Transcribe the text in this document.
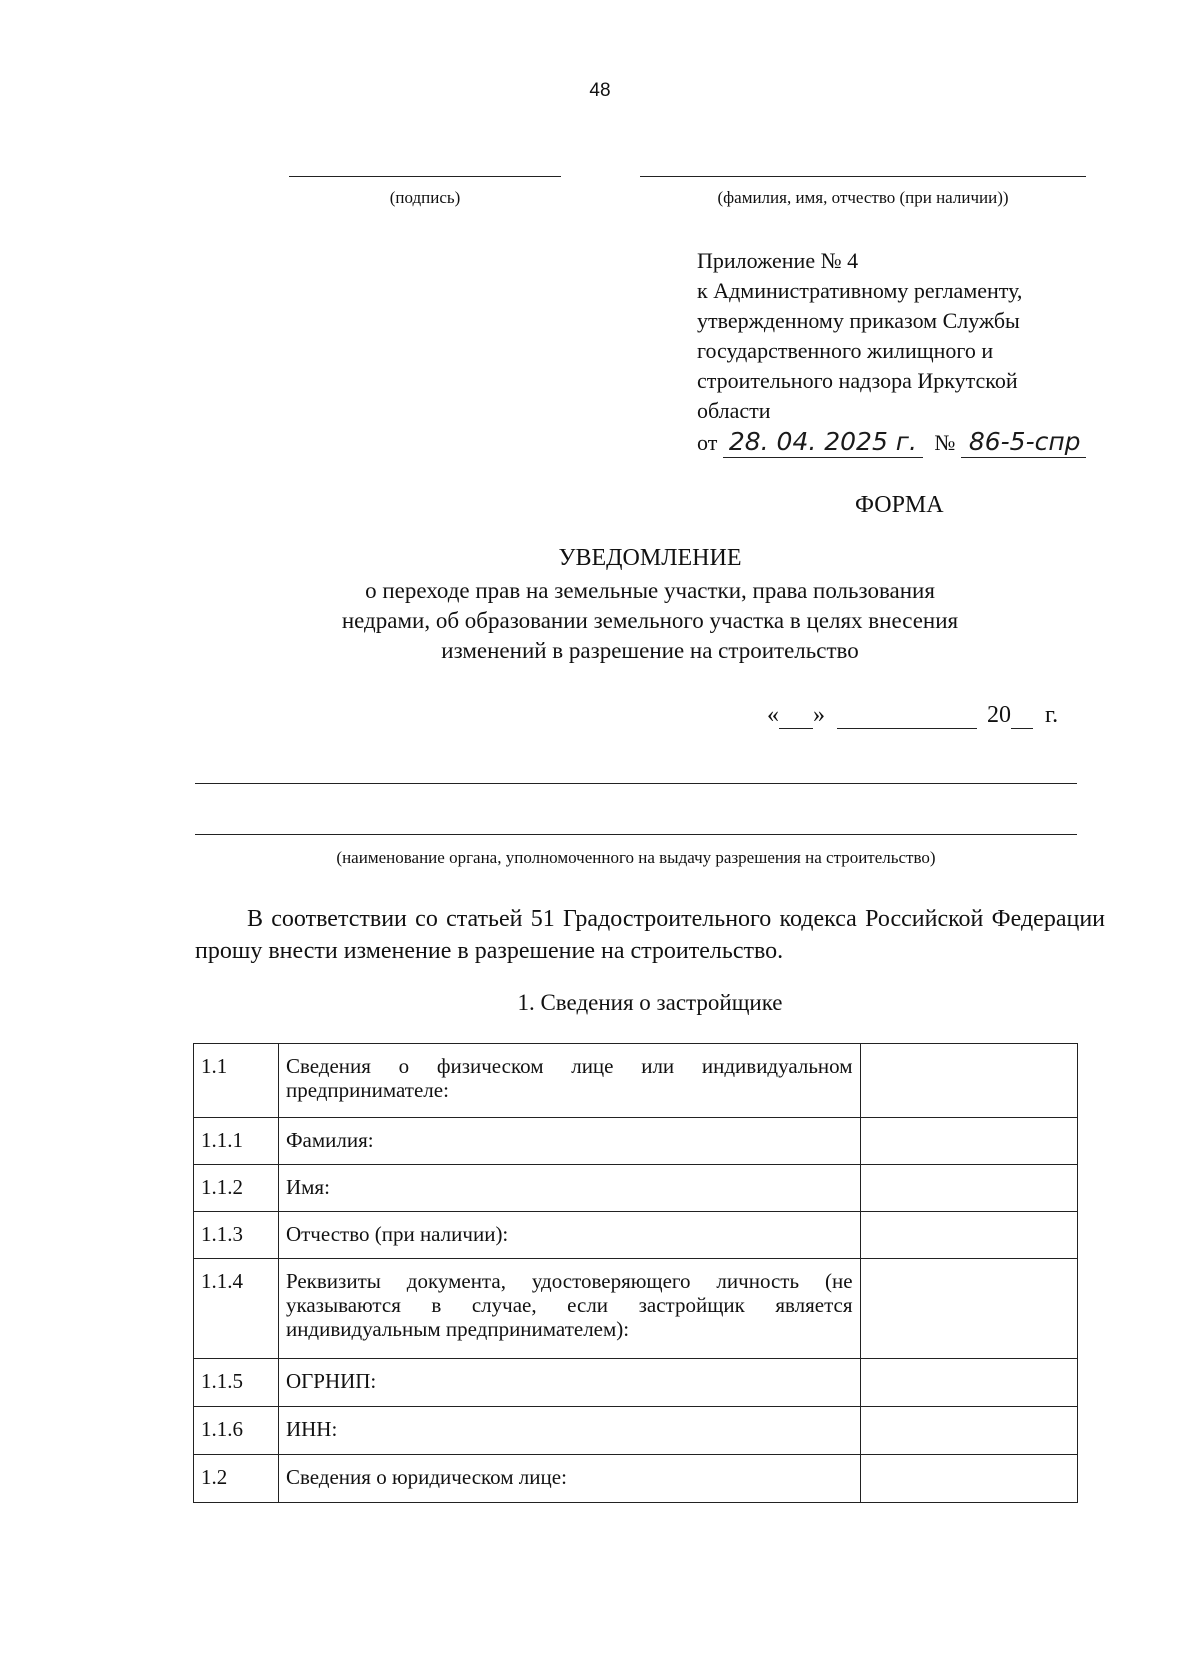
48
(подпись)	(фамилия, имя, отчество (при наличии))
Приложение № 4
к Административному регламенту,
утвержденному приказом Службы
государственного жилищного и
строительного надзора Иркутской
области
от 28. 04. 2025 г. № 86-5-спр
ФОРМА
УВЕДОМЛЕНИЕ
о переходе прав на земельные участки, права пользования
недрами, об образовании земельного участка в целях внесения
изменений в разрешение на строительство
« »	20 г.
(наименование органа, уполномоченного на выдачу разрешения на строительство)
В соответствии со статьей 51 Градостроительного кодекса Российской Федерации прошу внести изменение в разрешение на строительство.
1. Сведения о застройщике
1.1	Сведения о физическом лице или индивидуальном предпринимателе:	
1.1.1	Фамилия:	
1.1.2	Имя:	
1.1.3	Отчество (при наличии):	
1.1.4	Реквизиты документа, удостоверяющего личность (не указываются в случае, если застройщик является индивидуальным предпринимателем):	
1.1.5	ОГРНИП:	
1.1.6	ИНН:	
1.2	Сведения о юридическом лице:	
